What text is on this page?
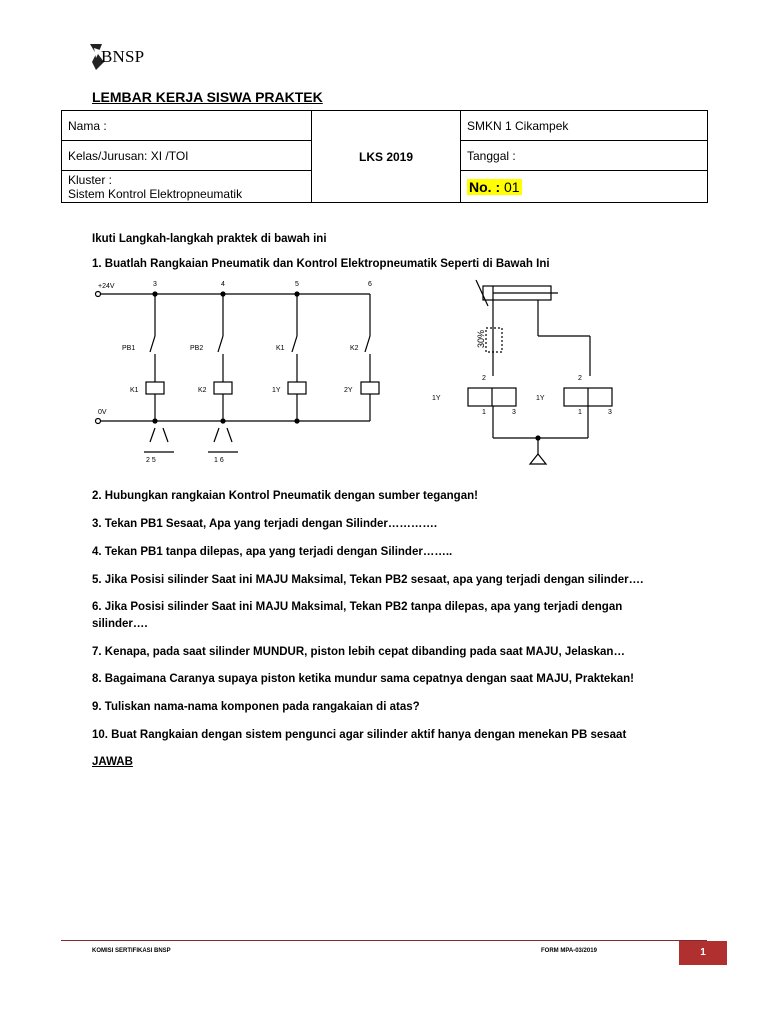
BNSP
LEMBAR KERJA SISWA PRAKTEK
Nama :	LKS 2019	SMKN 1 Cikampek
Kelas/Jurusan: XI /TOI		Tanggal :

Kluster :
Sistem Kontrol Elektropneumatik		No. : 01
Ikuti Langkah-langkah praktek di bawah ini
1. Buatlah Rangkaian Pneumatik dan Kontrol Elektropneumatik Seperti di Bawah Ini
+24V
0V
3	4	5	6
PB1	PB2	K1	K2
K1	K2	1Y	2Y
2 5	1 6
30%
1Y	1Y
2
1	3
2
1	3
2. Hubungkan rangkaian Kontrol Pneumatik dengan sumber tegangan!
3. Tekan PB1 Sesaat, Apa yang terjadi dengan Silinder………….
4. Tekan PB1 tanpa dilepas, apa yang terjadi dengan Silinder……..
5. Jika Posisi silinder Saat ini MAJU Maksimal, Tekan PB2 sesaat, apa yang terjadi dengan silinder….
6. Jika Posisi silinder Saat ini MAJU Maksimal, Tekan PB2 tanpa dilepas, apa yang terjadi dengan silinder….
7. Kenapa, pada saat silinder MUNDUR, piston lebih cepat dibanding pada saat MAJU, Jelaskan…
8. Bagaimana Caranya supaya piston ketika mundur sama cepatnya dengan saat MAJU, Praktekan!
9. Tuliskan nama-nama komponen pada rangakaian di atas?
10. Buat Rangkaian dengan sistem pengunci agar silinder aktif hanya dengan menekan PB sesaat
JAWAB
KOMISI SERTIFIKASI BNSP	FORM MPA-03/2019	1
